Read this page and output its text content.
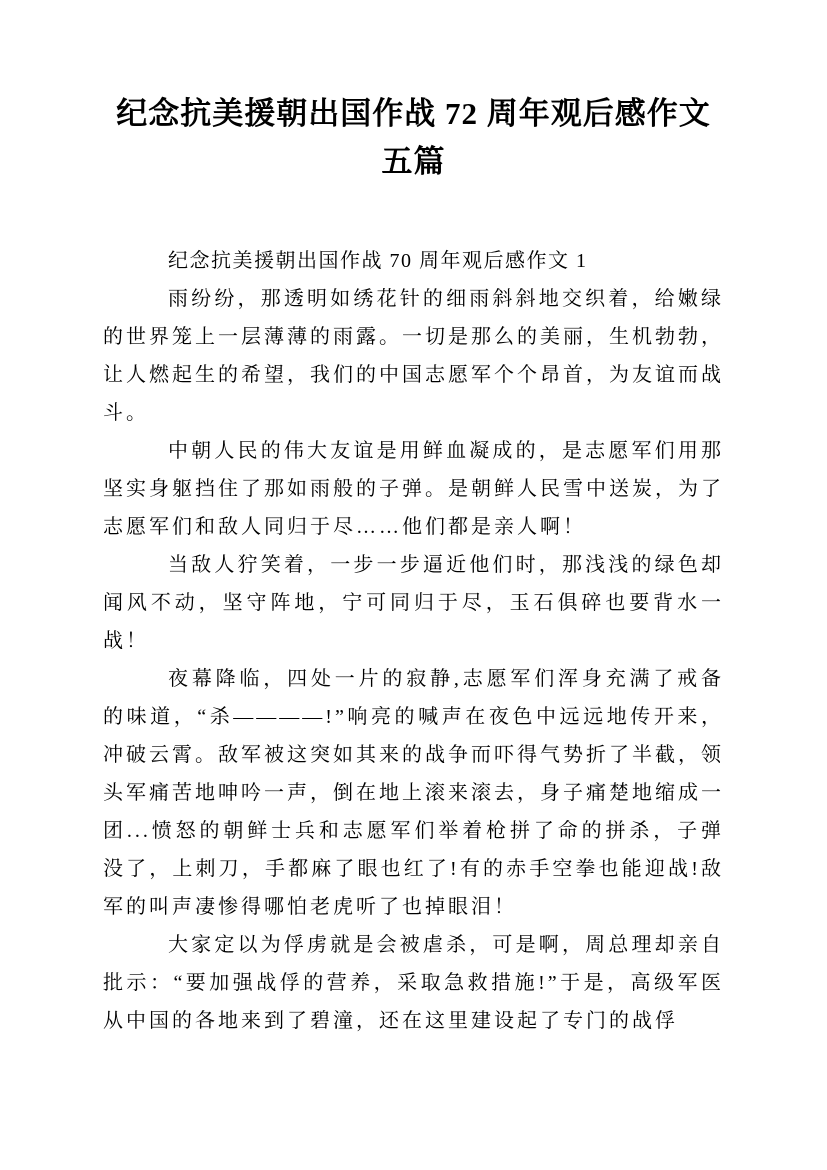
纪念抗美援朝出国作战 72 周年观后感作文
五篇

纪念抗美援朝出国作战 70 周年观后感作文 1

雨纷纷，那透明如绣花针的细雨斜斜地交织着，给嫩绿的世界笼上一层薄薄的雨露。一切是那么的美丽，生机勃勃，让人燃起生的希望，我们的中国志愿军个个昂首，为友谊而战斗。

中朝人民的伟大友谊是用鲜血凝成的，是志愿军们用那坚实身躯挡住了那如雨般的子弹。是朝鲜人民雪中送炭，为了志愿军们和敌人同归于尽……他们都是亲人啊！

当敌人狞笑着，一步一步逼近他们时，那浅浅的绿色却闻风不动，坚守阵地，宁可同归于尽，玉石俱碎也要背水一战！

夜幕降临，四处一片的寂静,志愿军们浑身充满了戒备的味道，“杀————!”响亮的喊声在夜色中远远地传开来，冲破云霄。敌军被这突如其来的战争而吓得气势折了半截，领头军痛苦地呻吟一声，倒在地上滚来滚去，身子痛楚地缩成一团...愤怒的朝鲜士兵和志愿军们举着枪拼了命的拼杀，子弹没了，上刺刀，手都麻了眼也红了!有的赤手空拳也能迎战!敌军的叫声凄惨得哪怕老虎听了也掉眼泪！

大家定以为俘虏就是会被虐杀，可是啊，周总理却亲自批示：“要加强战俘的营养，采取急救措施!”于是，高级军医从中国的各地来到了碧潼，还在这里建设起了专门的战俘
